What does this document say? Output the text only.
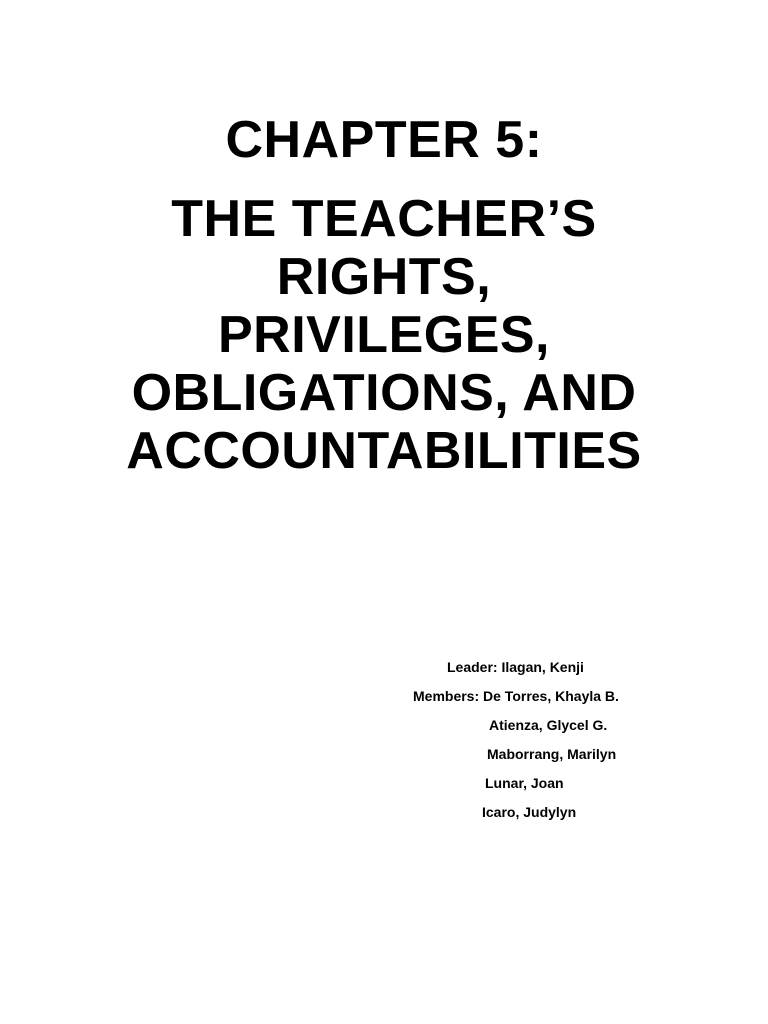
CHAPTER 5:
THE TEACHER’S
RIGHTS,
PRIVILEGES,
OBLIGATIONS, AND
ACCOUNTABILITIES

Leader: Ilagan, Kenji

Members: De Torres, Khayla B.

Atienza, Glycel G.

Maborrang, Marilyn

Lunar, Joan

Icaro, Judylyn
